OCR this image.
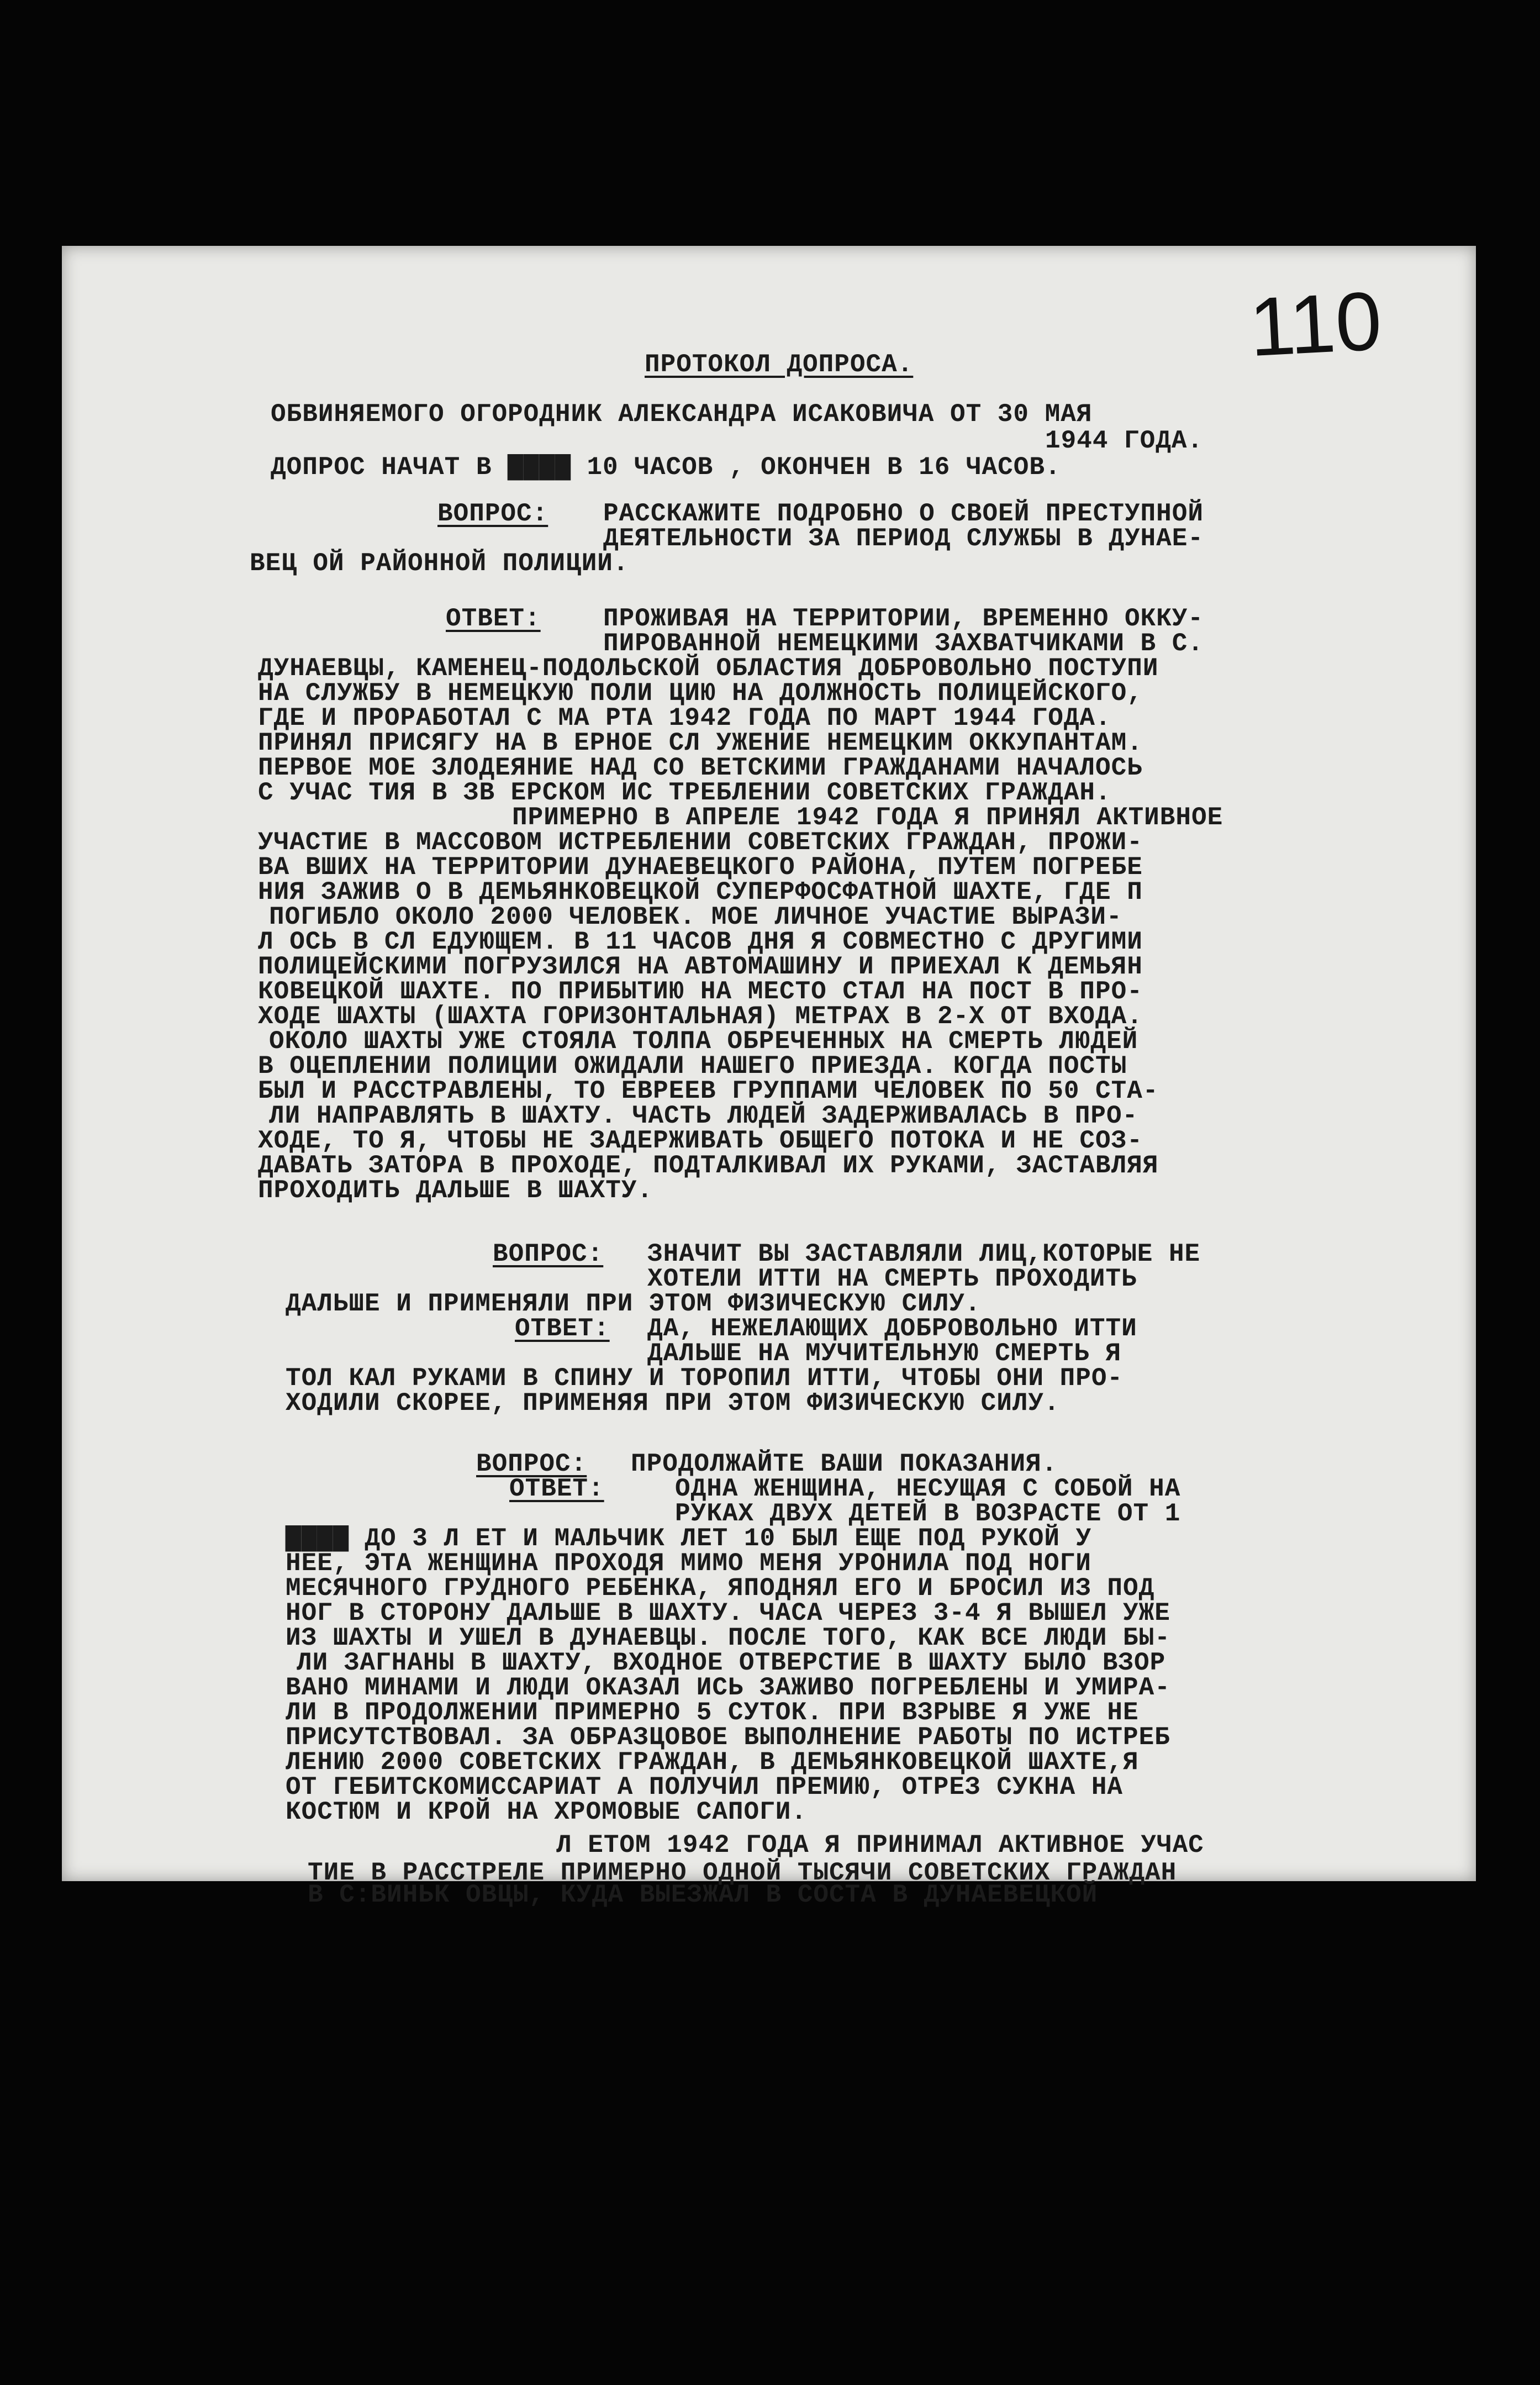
110
ПРОТОКОЛ ДОПРОСА.
ОБВИНЯЕМОГО ОГОРОДНИК АЛЕКСАНДРА ИСАКОВИЧА ОТ 30 МАЯ
1944 ГОДА.
ДОПРОС НАЧАТ В ▇▇▇▇ 10 ЧАСОВ , ОКОНЧЕН В 16 ЧАСОВ.
ВОПРОС: РАССКАЖИТЕ ПОДРОБНО О СВОЕЙ ПРЕСТУПНОЙ
ДЕЯТЕЛЬНОСТИ ЗА ПЕРИОД СЛУЖБЫ В ДУНАЕ-
ВЕЦ ОЙ РАЙОННОЙ ПОЛИЦИИ.
ОТВЕТ: ПРОЖИВАЯ НА ТЕРРИТОРИИ, ВРЕМЕННО ОККУ-
ПИРОВАННОЙ НЕМЕЦКИМИ ЗАХВАТЧИКАМИ В С.
ДУНАЕВЦЫ, КАМЕНЕЦ-ПОДОЛЬСКОЙ ОБЛАСТИЯ ДОБРОВОЛЬНО ПОСТУПИ
НА СЛУЖБУ В НЕМЕЦКУЮ ПОЛИ ЦИЮ НА ДОЛЖНОСТЬ ПОЛИЦЕЙСКОГО,
ГДЕ И ПРОРАБОТАЛ С МА РТА 1942 ГОДА ПО МАРТ 1944 ГОДА.
ПРИНЯЛ ПРИСЯГУ НА В ЕРНОЕ СЛ УЖЕНИЕ НЕМЕЦКИМ ОККУПАНТАМ.
ПЕРВОЕ МОЕ ЗЛОДЕЯНИЕ НАД СО ВЕТСКИМИ ГРАЖДАНАМИ НАЧАЛОСЬ
С УЧАС ТИЯ В ЗВ ЕРСКОМ ИС ТРЕБЛЕНИИ СОВЕТСКИХ ГРАЖДАН.
ПРИМЕРНО В АПРЕЛЕ 1942 ГОДА Я ПРИНЯЛ АКТИВНОЕ
УЧАСТИЕ В МАССОВОМ ИСТРЕБЛЕНИИ СОВЕТСКИХ ГРАЖДАН, ПРОЖИ-
ВА ВШИХ НА ТЕРРИТОРИИ ДУНАЕВЕЦКОГО РАЙОНА, ПУТЕМ ПОГРЕБЕ
НИЯ ЗАЖИВ О В ДЕМЬЯНКОВЕЦКОЙ СУПЕРФОСФАТНОЙ ШАХТЕ, ГДЕ П
ПОГИБЛО ОКОЛО 2000 ЧЕЛОВЕК. МОЕ ЛИЧНОЕ УЧАСТИЕ ВЫРАЗИ-
Л ОСЬ В СЛ ЕДУЮЩЕМ. В 11 ЧАСОВ ДНЯ Я СОВМЕСТНО С ДРУГИМИ
ПОЛИЦЕЙСКИМИ ПОГРУЗИЛСЯ НА АВТОМАШИНУ И ПРИЕХАЛ К ДЕМЬЯН
КОВЕЦКОЙ ШАХТЕ. ПО ПРИБЫТИЮ НА МЕСТО СТАЛ НА ПОСТ В ПРО-
ХОДЕ ШАХТЫ (ШАХТА ГОРИЗОНТАЛЬНАЯ) МЕТРАХ В 2-Х ОТ ВХОДА.
ОКОЛО ШАХТЫ УЖЕ СТОЯЛА ТОЛПА ОБРЕЧЕННЫХ НА СМЕРТЬ ЛЮДЕЙ
В ОЦЕПЛЕНИИ ПОЛИЦИИ ОЖИДАЛИ НАШЕГО ПРИЕЗДА. КОГДА ПОСТЫ
БЫЛ И РАССТРАВЛЕНЫ, ТО ЕВРЕЕВ ГРУППАМИ ЧЕЛОВЕК ПО 50 СТА-
ЛИ НАПРАВЛЯТЬ В ШАХТУ. ЧАСТЬ ЛЮДЕЙ ЗАДЕРЖИВАЛАСЬ В ПРО-
ХОДЕ, ТО Я, ЧТОБЫ НЕ ЗАДЕРЖИВАТЬ ОБЩЕГО ПОТОКА И НЕ СОЗ-
ДАВАТЬ ЗАТОРА В ПРОХОДЕ, ПОДТАЛКИВАЛ ИХ РУКАМИ, ЗАСТАВЛЯЯ
ПРОХОДИТЬ ДАЛЬШЕ В ШАХТУ.
ВОПРОС: ЗНАЧИТ ВЫ ЗАСТАВЛЯЛИ ЛИЦ,КОТОРЫЕ НЕ
ХОТЕЛИ ИТТИ НА СМЕРТЬ ПРОХОДИТЬ
ДАЛЬШЕ И ПРИМЕНЯЛИ ПРИ ЭТОМ ФИЗИЧЕСКУЮ СИЛУ.
ОТВЕТ: ДА, НЕЖЕЛАЮЩИХ ДОБРОВОЛЬНО ИТТИ
ДАЛЬШЕ НА МУЧИТЕЛЬНУЮ СМЕРТЬ Я
ТОЛ КАЛ РУКАМИ В СПИНУ И ТОРОПИЛ ИТТИ, ЧТОБЫ ОНИ ПРО-
ХОДИЛИ СКОРЕЕ, ПРИМЕНЯЯ ПРИ ЭТОМ ФИЗИЧЕСКУЮ СИЛУ.
ВОПРОС: ПРОДОЛЖАЙТЕ ВАШИ ПОКАЗАНИЯ.
ОТВЕТ:	ОДНА ЖЕНЩИНА, НЕСУЩАЯ С СОБОЙ НА
РУКАХ ДВУХ ДЕТЕЙ В ВОЗРАСТЕ ОТ 1
▇▇▇▇ ДО 3 Л ЕТ И МАЛЬЧИК ЛЕТ 10 БЫЛ ЕЩЕ ПОД РУКОЙ У
НЕЕ, ЭТА ЖЕНЩИНА ПРОХОДЯ МИМО МЕНЯ УРОНИЛА ПОД НОГИ
МЕСЯЧНОГО ГРУДНОГО РЕБЕНКА, ЯПОДНЯЛ ЕГО И БРОСИЛ ИЗ ПОД
НОГ В СТОРОНУ ДАЛЬШЕ В ШАХТУ. ЧАСА ЧЕРЕЗ 3-4 Я ВЫШЕЛ УЖЕ
ИЗ ШАХТЫ И УШЕЛ В ДУНАЕВЦЫ. ПОСЛЕ ТОГО, КАК ВСЕ ЛЮДИ БЫ-
ЛИ ЗАГНАНЫ В ШАХТУ, ВХОДНОЕ ОТВЕРСТИЕ В ШАХТУ БЫЛО ВЗОР
ВАНО МИНАМИ И ЛЮДИ ОКАЗАЛ ИСЬ ЗАЖИВО ПОГРЕБЛЕНЫ И УМИРА-
ЛИ В ПРОДОЛЖЕНИИ ПРИМЕРНО 5 СУТОК. ПРИ ВЗРЫВЕ Я УЖЕ НЕ
ПРИСУТСТВОВАЛ. ЗА ОБРАЗЦОВОЕ ВЫПОЛНЕНИЕ РАБОТЫ ПО ИСТРЕБ
ЛЕНИЮ 2000 СОВЕТСКИХ ГРАЖДАН, В ДЕМЬЯНКОВЕЦКОЙ ШАХТЕ,Я
ОТ ГЕБИТСКОМИССАРИАТ А ПОЛУЧИЛ ПРЕМИЮ, ОТРЕЗ СУКНА НА
КОСТЮМ И КРОЙ НА ХРОМОВЫЕ САПОГИ.
Л ЕТОМ 1942 ГОДА Я ПРИНИМАЛ АКТИВНОЕ УЧАС
ТИЕ В РАССТРЕЛЕ ПРИМЕРНО ОДНОЙ ТЫСЯЧИ СОВЕТСКИХ ГРАЖДАН
В С:ВИНЬК ОВЦЫ, КУДА ВЫЕЗЖАЛ В СОСТА В ДУНАЕВЕЦКОЙ
